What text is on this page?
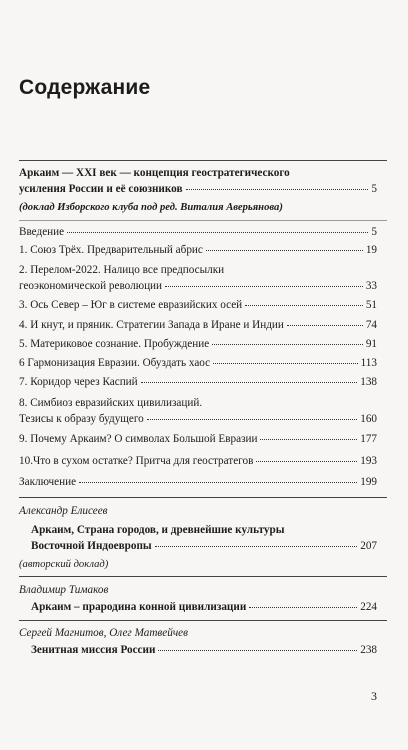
Содержание
Аркаим — XXI век — концепция геостратегического
усиления России и её союзников	5
(доклад Изборского клуба под ред. Виталия Аверьянова)
Введение	5
1. Союз Трёх. Предварительный абрис	19
2. Перелом-2022. Налицо все предпосылки
геоэкономической революции	33
3. Ось Север – Юг в системе евразийских осей	51
4. И кнут, и пряник. Стратегии Запада в Иране и Индии	74
5. Материковое сознание. Пробуждение	91
6 Гармонизация Евразии. Обуздать хаос	113
7. Коридор через Каспий	138
8. Симбиоз евразийских цивилизаций.
Тезисы к образу будущего	160
9. Почему Аркаим? О символах Большой Евразии	177
10.Что в сухом остатке? Притча для геостратегов	193
Заключение	199
Александр Елисеев
Аркаим, Страна городов, и древнейшие культуры
Восточной Индоевропы	207
(авторский доклад)
Владимир Тимаков
Аркаим – прародина конной цивилизации	224
Сергей Магнитов, Олег Матвейчев
Зенитная миссия России	238
3
